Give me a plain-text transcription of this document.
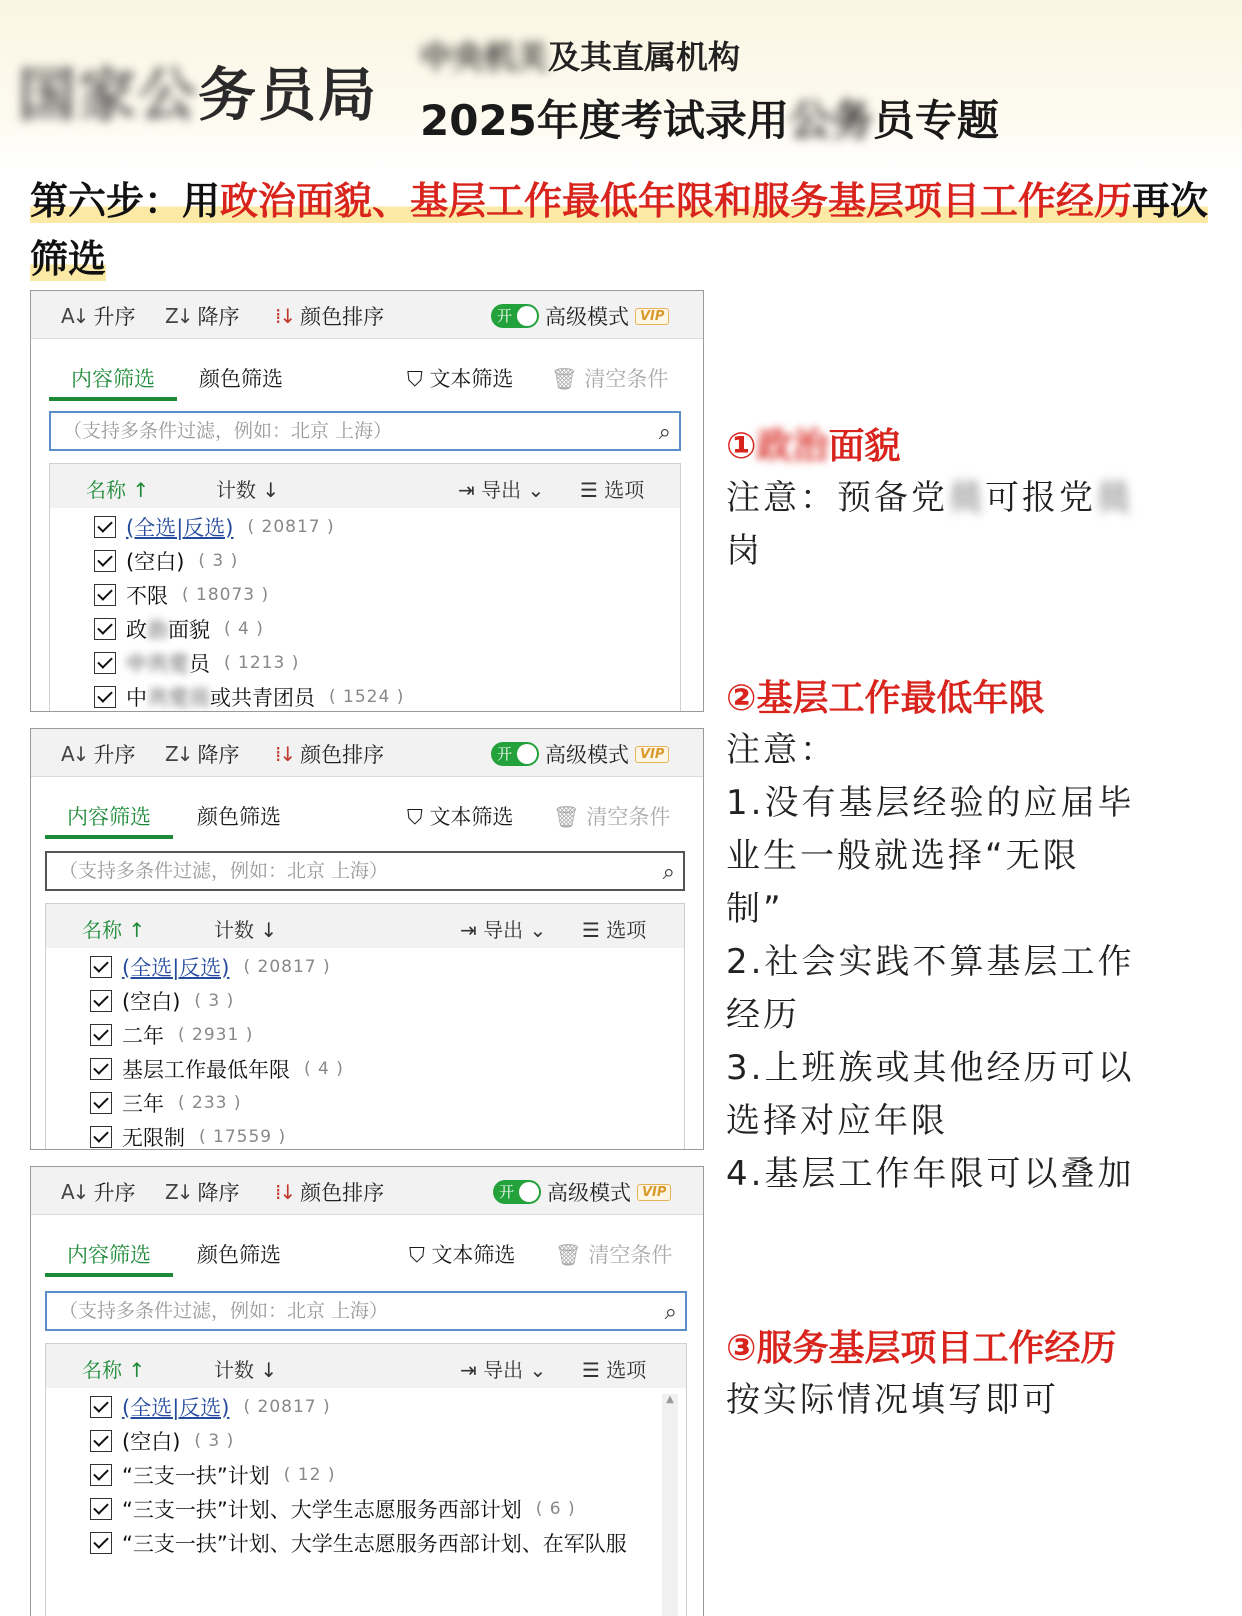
国家公务员局
中央机关及其直属机构
2025年度考试录用公务员专题
第六步：用政治面貌、基层工作最低年限和服务基层项目工作经历再次筛选
A↓ 升序 Z↓ 降序 ⁞↓ 颜色排序	开	高级模式 VIP
内容筛选 颜色筛选	⛉ 文本筛选 🗑 清空条件
（支持多条件过滤，例如：北京 上海）	⌕
名称 ↑	计数 ↓	⇥ 导出 ⌄ ☰ 选项
(全选|反选) ( 20817 )
(空白) ( 3 )
不限 ( 18073 )
政 治 面貌 ( 4 )
中共党 员 ( 1213 )
中 共党员 或共青团员 ( 1524 )
A↓ 升序 Z↓ 降序 ⁞↓ 颜色排序	开	高级模式 VIP
内容筛选 颜色筛选	⛉ 文本筛选 🗑 清空条件
（支持多条件过滤，例如：北京 上海）	⌕
名称 ↑	计数 ↓	⇥ 导出 ⌄ ☰ 选项
(全选|反选) ( 20817 )
(空白) ( 3 )
二年 ( 2931 )
基层工作最低年限 ( 4 )
三年 ( 233 )
无限制 ( 17559 )
A↓ 升序 Z↓ 降序 ⁞↓ 颜色排序	开	高级模式 VIP
内容筛选 颜色筛选	⛉ 文本筛选 🗑 清空条件
（支持多条件过滤，例如：北京 上海）	⌕
名称 ↑	计数 ↓	⇥ 导出 ⌄ ☰ 选项
(全选|反选) ( 20817 )
(空白) ( 3 )
“三支一扶”计划 ( 12 )
“三支一扶”计划、大学生志愿服务西部计划 ( 6 )
“三支一扶”计划、大学生志愿服务西部计划、在军队服
▲
①政治面貌
注意：预备党员可报党员
岗
②基层工作最低年限
注意：
1.没有基层经验的应届毕
业生一般就选择“无限
制”
2.社会实践不算基层工作
经历
3.上班族或其他经历可以
选择对应年限
4.基层工作年限可以叠加
③服务基层项目工作经历
按实际情况填写即可
